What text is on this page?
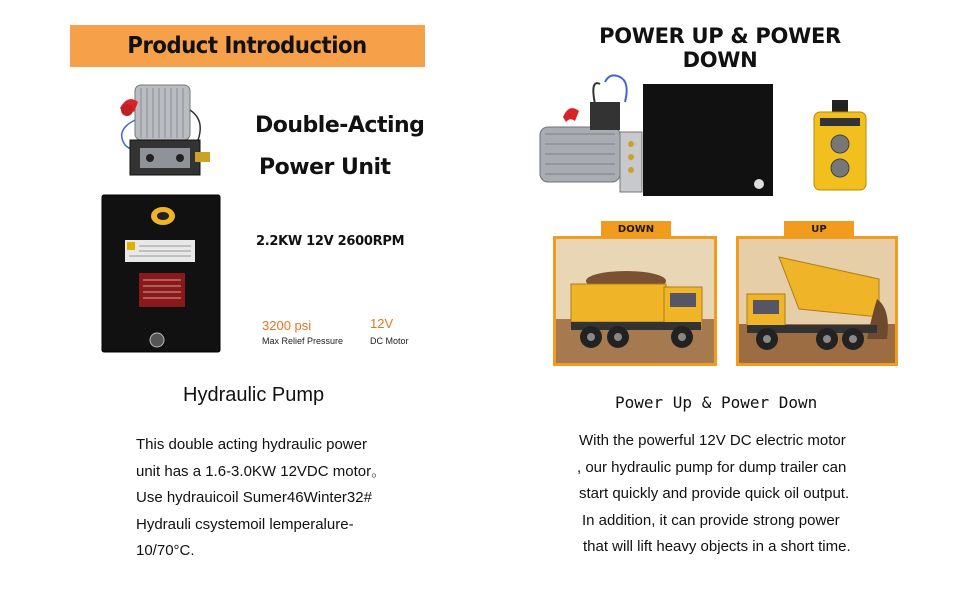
Product Introduction
Double-Acting
Power Unit
2.2KW 12V 2600RPM
3200 psi
Max Relief Pressure
12V
DC Motor
Hydraulic Pump
This double acting hydraulic power
unit has a 1.6-3.0KW 12VDC motor。
Use hydrauicoil Sumer46Winter32#
Hydrauli csystemoil lemperalure-
10/70°C.
POWER UP & POWER DOWN
DOWN	UP
Power Up & Power Down
With the powerful 12V DC electric motor
, our hydraulic pump for dump trailer can
start quickly and provide quick oil output.
In addition, it can provide strong power
that will lift heavy objects in a short time.
